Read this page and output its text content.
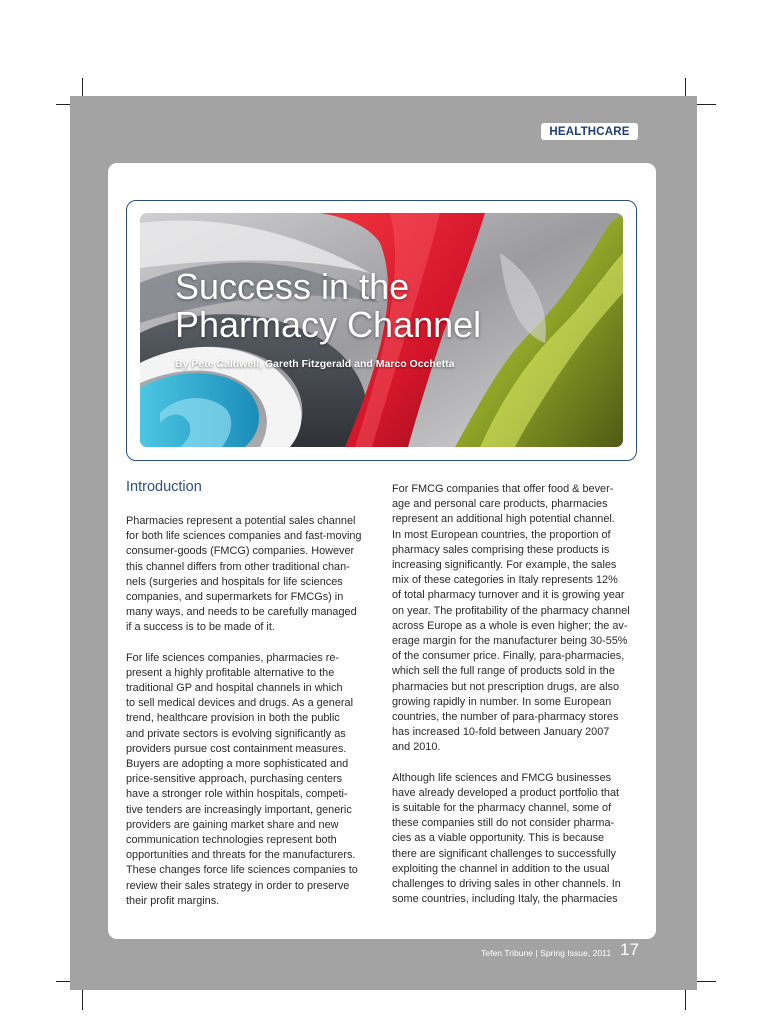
HEALTHCARE
Success in the
Pharmacy Channel
By Pete Caldwell, Gareth Fitzgerald and Marco Occhetta
Introduction

Pharmacies represent a potential sales channel
for both life sciences companies and fast-moving
consumer-goods (FMCG) companies. However
this channel differs from other traditional chan-
nels (surgeries and hospitals for life sciences
companies, and supermarkets for FMCGs) in
many ways, and needs to be carefully managed
if a success is to be made of it.

For life sciences companies, pharmacies re-
present a highly profitable alternative to the
traditional GP and hospital channels in which
to sell medical devices and drugs. As a general
trend, healthcare provision in both the public
and private sectors is evolving significantly as
providers pursue cost containment measures.
Buyers are adopting a more sophisticated and
price-sensitive approach, purchasing centers
have a stronger role within hospitals, competi-
tive tenders are increasingly important, generic
providers are gaining market share and new
communication technologies represent both
opportunities and threats for the manufacturers.
These changes force life sciences companies to
review their sales strategy in order to preserve
their profit margins.

For FMCG companies that offer food & bever-
age and personal care products, pharmacies
represent an additional high potential channel.
In most European countries, the proportion of
pharmacy sales comprising these products is
increasing significantly. For example, the sales
mix of these categories in Italy represents 12%
of total pharmacy turnover and it is growing year
on year. The profitability of the pharmacy channel
across Europe as a whole is even higher; the av-
erage margin for the manufacturer being 30-55%
of the consumer price. Finally, para-pharmacies,
which sell the full range of products sold in the
pharmacies but not prescription drugs, are also
growing rapidly in number. In some European
countries, the number of para-pharmacy stores
has increased 10-fold between January 2007
and 2010.

Although life sciences and FMCG businesses
have already developed a product portfolio that
is suitable for the pharmacy channel, some of
these companies still do not consider pharma-
cies as a viable opportunity. This is because
there are significant challenges to successfully
exploiting the channel in addition to the usual
challenges to driving sales in other channels. In
some countries, including Italy, the pharmacies

Tefen Tribune | Spring Issue, 2011 17
